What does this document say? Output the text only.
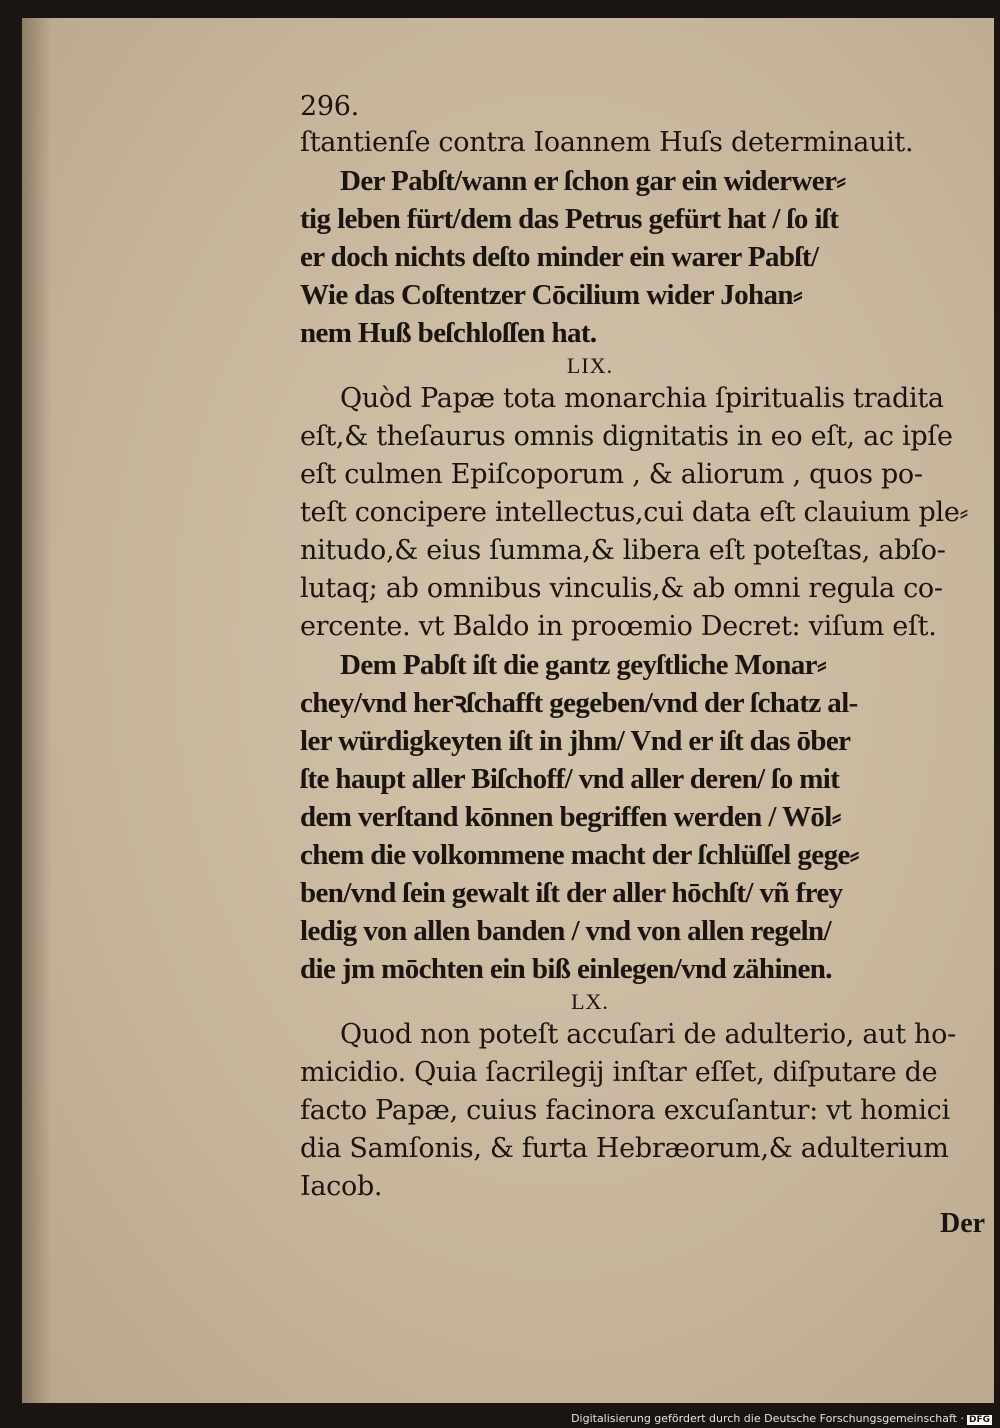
296.
ſtantienſe contra Ioannem Huſs determinauit.
Der Pabſt/wann er ſchon gar ein widerwer⸗
tig leben fürt/dem das Petrus gefürt hat / ſo iſt
er doch nichts deſto minder ein warer Pabſt/
Wie das Coſtentzer Cōcilium wider Johan⸗
nem Huß beſchloſſen hat.
LIX.
Quòd Papæ tota monarchia ſpiritualis tradita
eſt,& theſaurus omnis dignitatis in eo eſt, ac ipſe
eſt culmen Epiſcoporum , & aliorum , quos po-
teſt concipere intellectus,cui data eſt clauium ple⸗
nitudo,& eius ſumma,& libera eſt poteſtas, abſo-
lutaq; ab omnibus vinculis,& ab omni regula co-
ercente. vt Baldo in proœmio Decret: viſum eſt.
Dem Pabſt iſt die gantz geyſtliche Monar⸗
chey/vnd herꝛſchafft gegeben/vnd der ſchatz al-
ler würdigkeyten iſt in jhm/ Vnd er iſt das ōber
ſte haupt aller Biſchoff/ vnd aller deren/ ſo mit
dem verſtand kōnnen begriffen werden / Wōl⸗
chem die volkommene macht der ſchlüſſel gege⸗
ben/vnd ſein gewalt iſt der aller hōchſt/ vñ frey
ledig von allen banden / vnd von allen regeln/
die jm mōchten ein biß einlegen/vnd zähinen.
LX.
Quod non poteſt accuſari de adulterio, aut ho-
micidio. Quia ſacrilegij inſtar eſſet, diſputare de
facto Papæ, cuius facinora excuſantur: vt homici
dia Samſonis, & furta Hebræorum,& adulterium
Iacob.
Der
Digitalisierung gefördert durch die Deutsche Forschungsgemeinschaft · DFG
